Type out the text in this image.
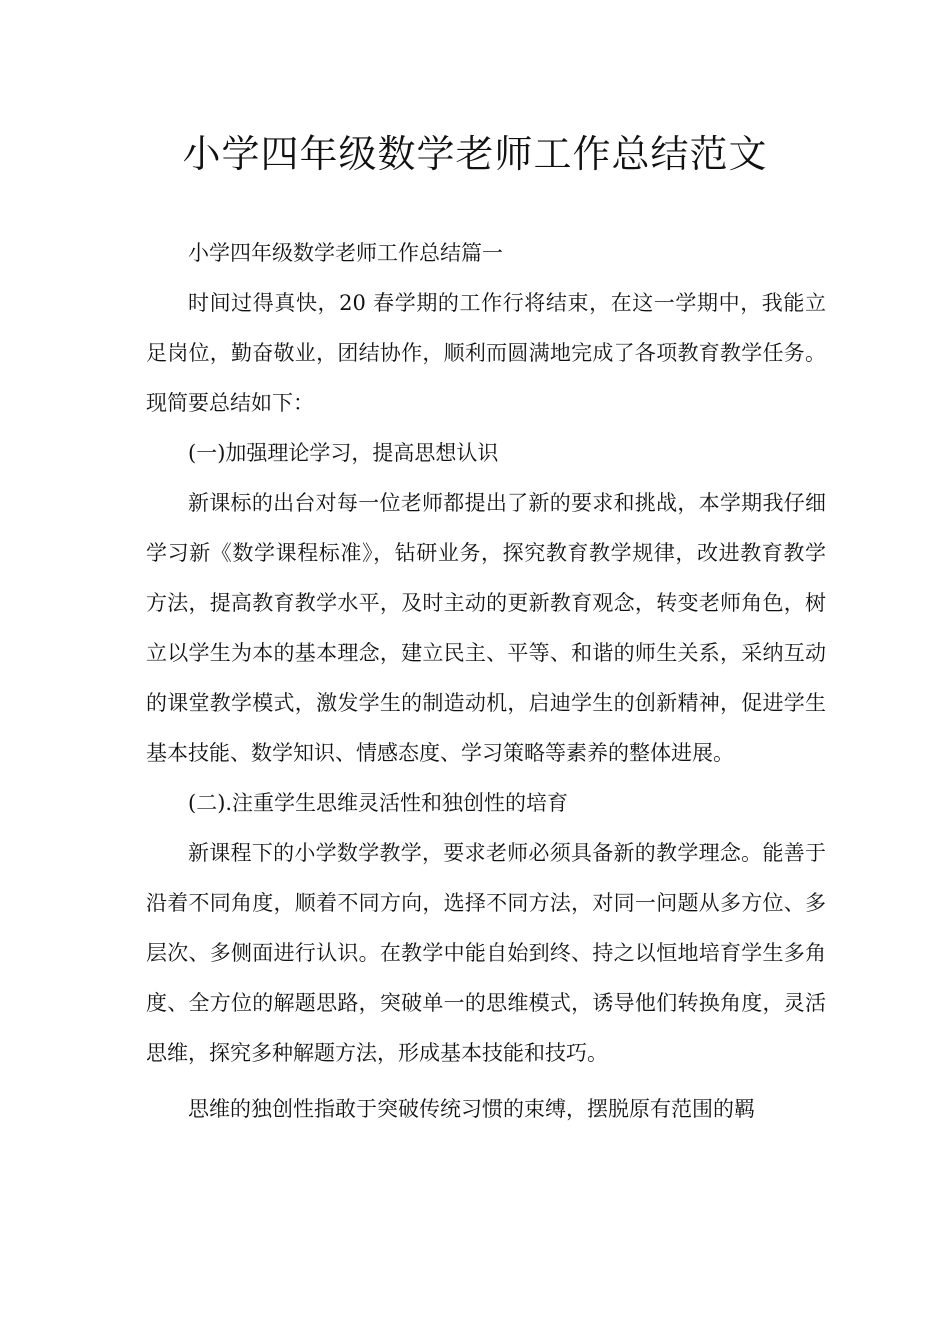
小学四年级数学老师工作总结范文

小学四年级数学老师工作总结篇一

时间过得真快，20 春学期的工作行将结束，在这一学期中，我能立足岗位，勤奋敬业，团结协作，顺利而圆满地完成了各项教育教学任务。现简要总结如下：

(一)加强理论学习，提高思想认识

新课标的出台对每一位老师都提出了新的要求和挑战，本学期我仔细学习新《数学课程标准》，钻研业务，探究教育教学规律，改进教育教学方法，提高教育教学水平，及时主动的更新教育观念，转变老师角色，树立以学生为本的基本理念，建立民主、平等、和谐的师生关系，采纳互动的课堂教学模式，激发学生的制造动机，启迪学生的创新精神，促进学生基本技能、数学知识、情感态度、学习策略等素养的整体进展。

(二).注重学生思维灵活性和独创性的培育

新课程下的小学数学教学，要求老师必须具备新的教学理念。能善于沿着不同角度，顺着不同方向，选择不同方法，对同一问题从多方位、多层次、多侧面进行认识。在教学中能自始到终、持之以恒地培育学生多角度、全方位的解题思路，突破单一的思维模式，诱导他们转换角度，灵活思维，探究多种解题方法，形成基本技能和技巧。

思维的独创性指敢于突破传统习惯的束缚，摆脱原有范围的羁
